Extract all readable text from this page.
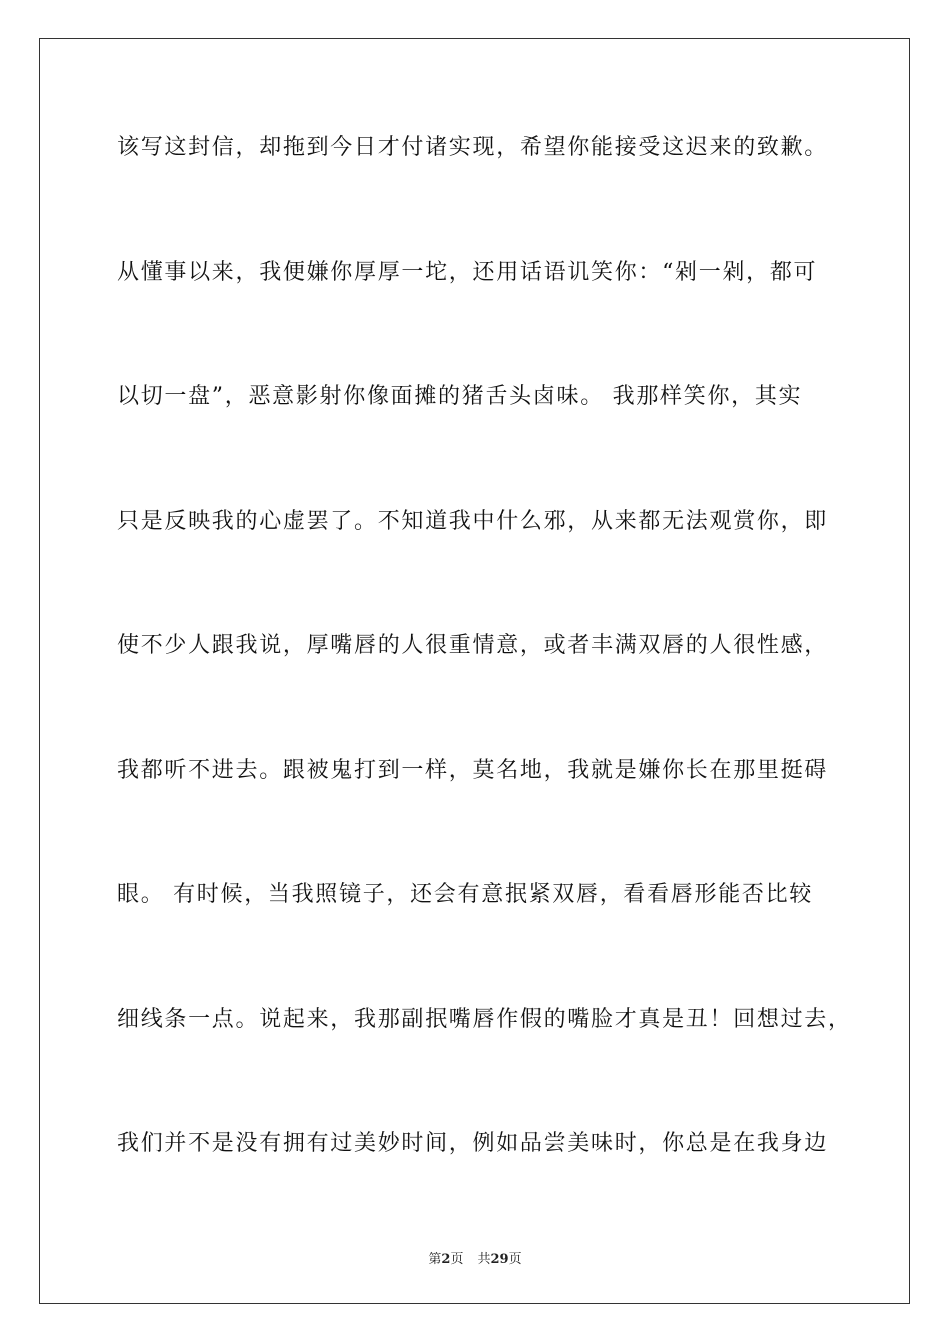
该写这封信，却拖到今日才付诸实现，希望你能接受这迟来的致歉。
从懂事以来，我便嫌你厚厚一坨，还用话语讥笑你：“剁一剁，都可
以切一盘”，恶意影射你像面摊的猪舌头卤味。 我那样笑你，其实
只是反映我的心虚罢了。不知道我中什么邪，从来都无法观赏你，即
使不少人跟我说，厚嘴唇的人很重情意，或者丰满双唇的人很性感，
我都听不进去。跟被鬼打到一样，莫名地，我就是嫌你长在那里挺碍
眼。 有时候，当我照镜子，还会有意抿紧双唇，看看唇形能否比较
细线条一点。说起来，我那副抿嘴唇作假的嘴脸才真是丑！回想过去，
我们并不是没有拥有过美妙时间，例如品尝美味时，你总是在我身边
第2页 共29页
